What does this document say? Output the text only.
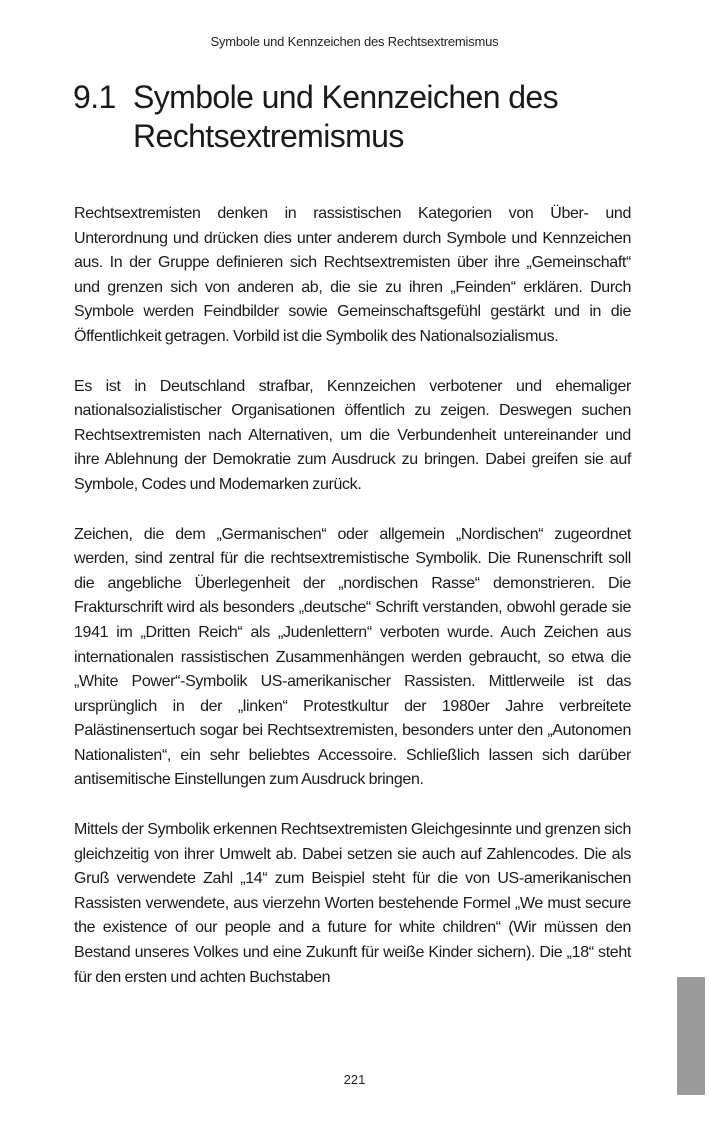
Symbole und Kennzeichen des Rechtsextremismus
9.1 Symbole und Kennzeichen des Rechtsextremismus

Rechtsextremisten denken in rassistischen Kategorien von Über- und Unterordnung und drücken dies unter anderem durch Symbole und Kennzeichen aus. In der Gruppe definieren sich Rechtsextremisten über ihre „Gemeinschaft“ und grenzen sich von anderen ab, die sie zu ihren „Feinden“ erklären. Durch Symbole werden Feindbilder sowie Gemeinschaftsgefühl gestärkt und in die Öffentlichkeit getragen. Vorbild ist die Symbolik des Nationalsozialismus.

Es ist in Deutschland strafbar, Kennzeichen verbotener und ehemaliger nationalsozialistischer Organisationen öffentlich zu zeigen. Deswegen suchen Rechtsextremisten nach Alternativen, um die Verbundenheit untereinander und ihre Ablehnung der Demokratie zum Ausdruck zu bringen. Dabei greifen sie auf Symbole, Codes und Modemarken zurück.

Zeichen, die dem „Germanischen“ oder allgemein „Nordischen“ zugeordnet werden, sind zentral für die rechtsextremistische Symbolik. Die Runenschrift soll die angebliche Überlegenheit der „nordischen Rasse“ demonstrieren. Die Frakturschrift wird als besonders „deutsche“ Schrift verstanden, obwohl gerade sie 1941 im „Dritten Reich“ als „Judenlettern“ verboten wurde. Auch Zeichen aus internationalen rassistischen Zusammenhängen werden gebraucht, so etwa die „White Power“-Symbolik US-amerikanischer Rassisten. Mittlerweile ist das ursprünglich in der „linken“ Protestkultur der 1980er Jahre verbreitete Palästinensertuch sogar bei Rechtsextremisten, besonders unter den „Autonomen Nationalisten“, ein sehr beliebtes Accessoire. Schließlich lassen sich darüber antisemitische Einstellungen zum Ausdruck bringen.

Mittels der Symbolik erkennen Rechtsextremisten Gleichgesinnte und grenzen sich gleichzeitig von ihrer Umwelt ab. Dabei setzen sie auch auf Zahlencodes. Die als Gruß verwendete Zahl „14“ zum Beispiel steht für die von US-amerikanischen Rassisten verwendete, aus vierzehn Worten bestehende Formel „We must secure the existence of our people and a future for white children“ (Wir müssen den Bestand unseres Volkes und eine Zukunft für weiße Kinder sichern). Die „18“ steht für den ersten und achten Buchstaben

221
